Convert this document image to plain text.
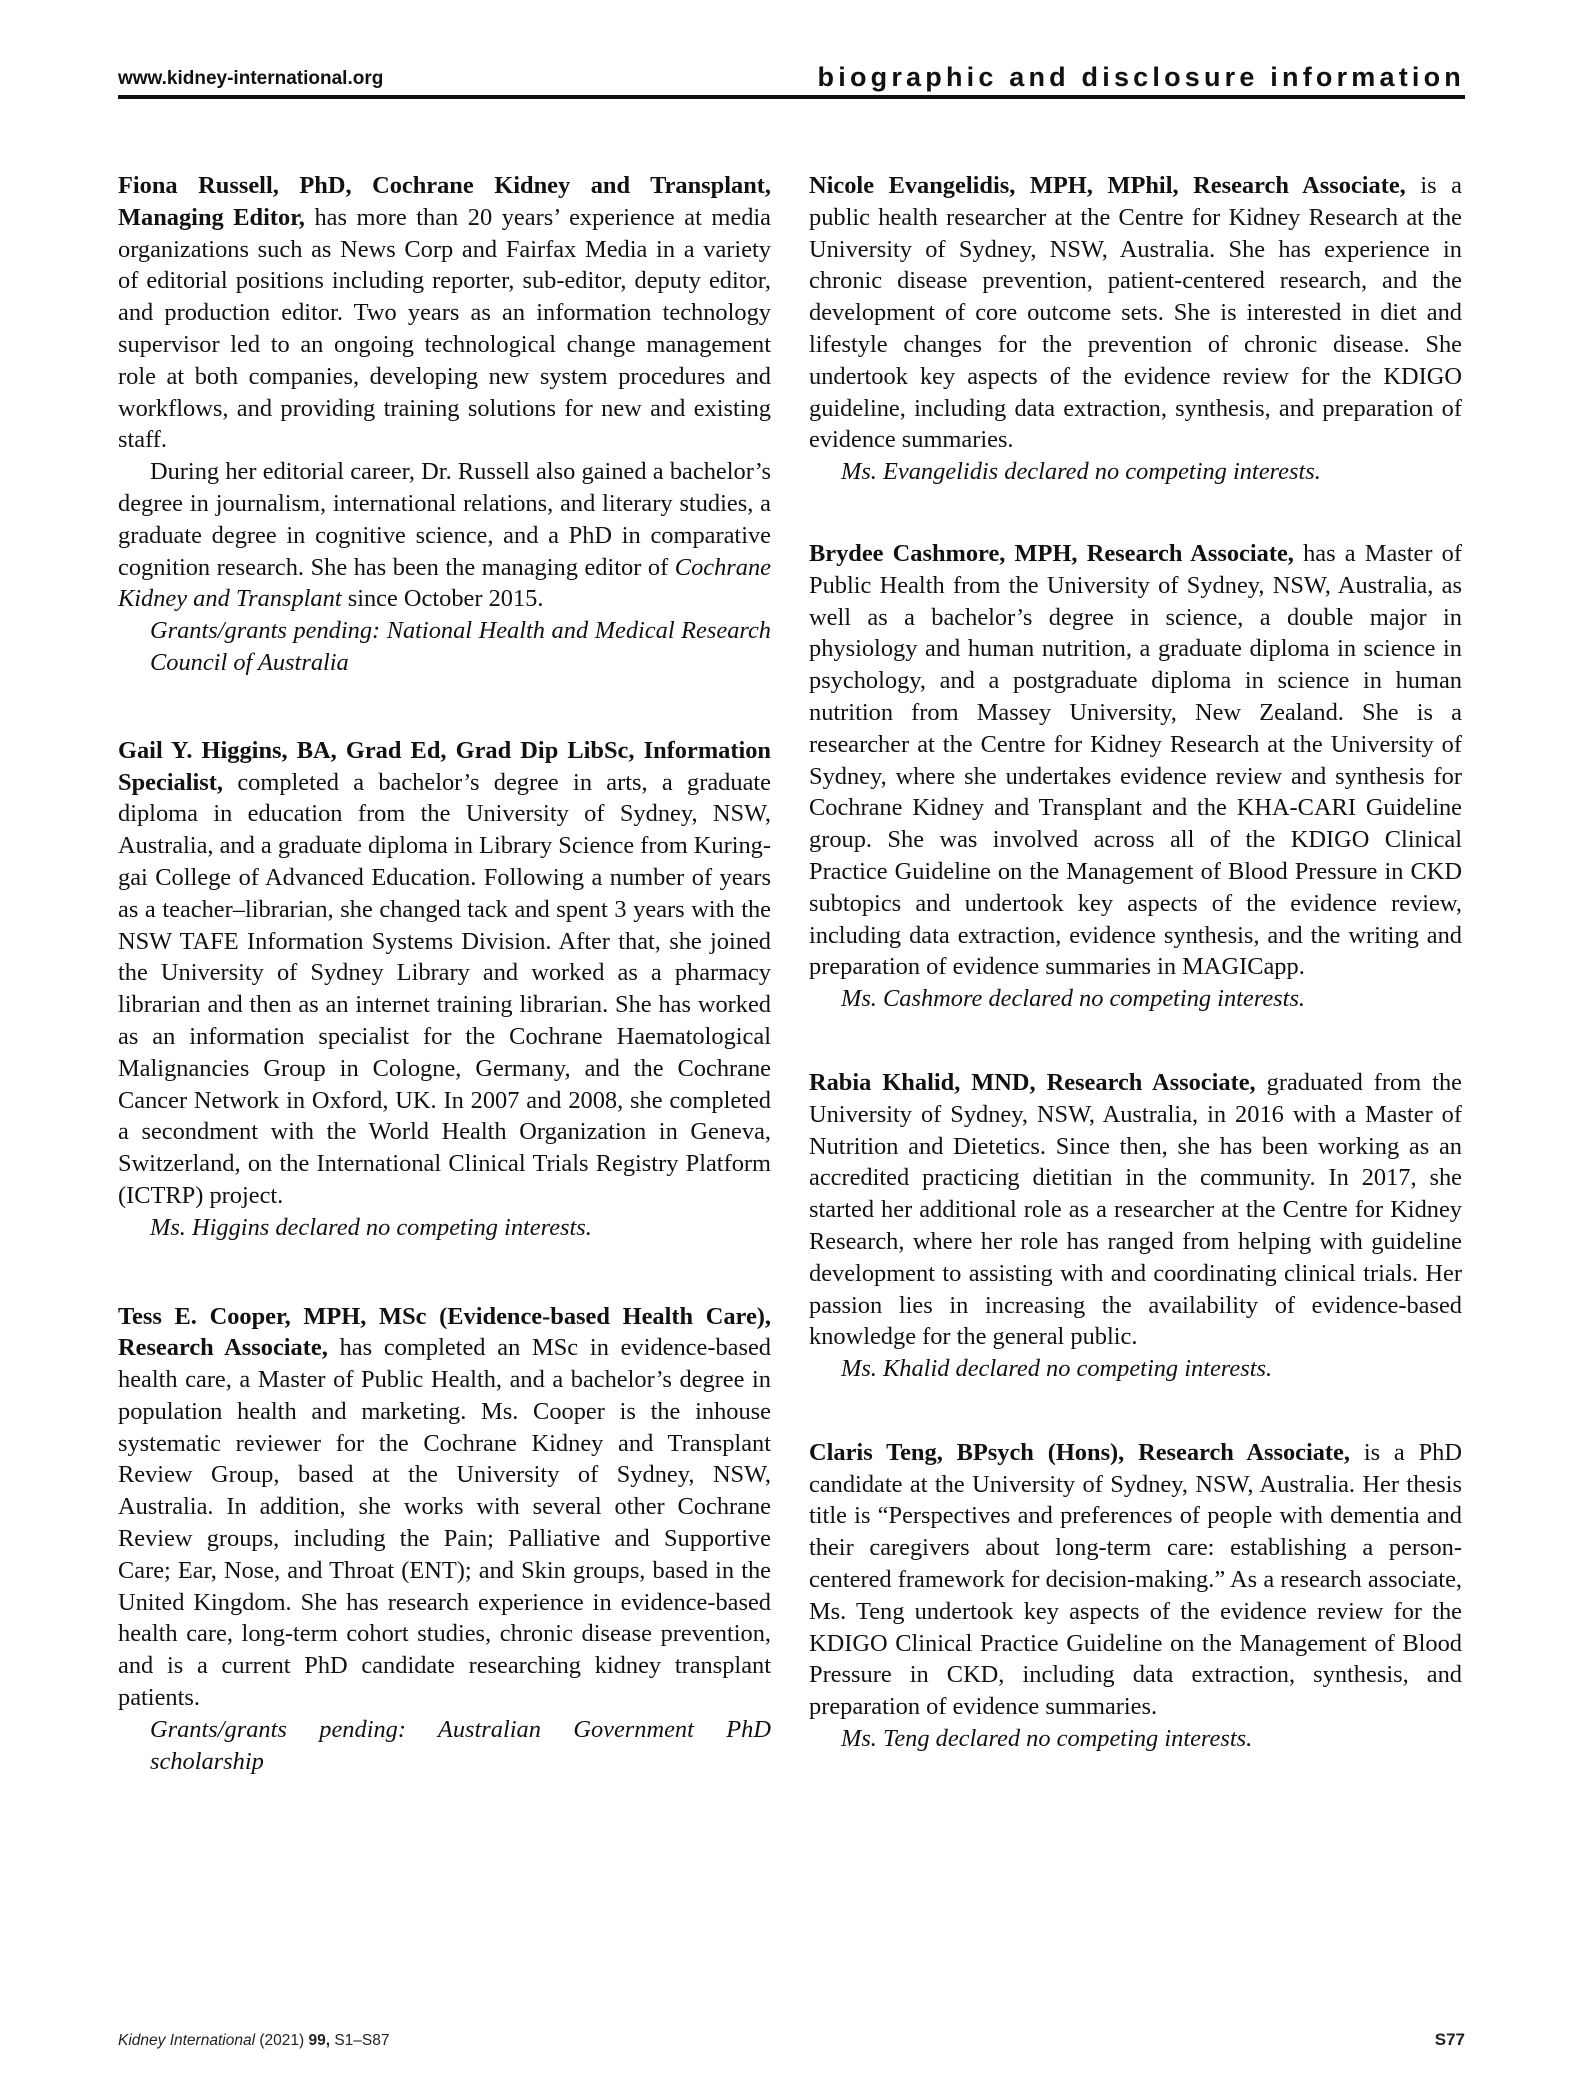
www.kidney-international.org	biographic and disclosure information

Fiona Russell, PhD, Cochrane Kidney and Transplant, Managing Editor, has more than 20 years’ experience at media organizations such as News Corp and Fairfax Media in a variety of editorial positions including reporter, sub-editor, deputy editor, and production editor. Two years as an information technology supervisor led to an ongoing technological change management role at both companies, developing new system procedures and workflows, and providing training solutions for new and existing staff.

During her editorial career, Dr. Russell also gained a bachelor’s degree in journalism, international relations, and literary studies, a graduate degree in cognitive science, and a PhD in comparative cognition research. She has been the managing editor of Cochrane Kidney and Transplant since October 2015.

Grants/grants pending: National Health and Medical Research Council of Australia

Gail Y. Higgins, BA, Grad Ed, Grad Dip LibSc, Information Specialist, completed a bachelor’s degree in arts, a graduate diploma in education from the University of Sydney, NSW, Australia, and a graduate diploma in Library Science from Kuring-gai College of Advanced Education. Following a number of years as a teacher–librarian, she changed tack and spent 3 years with the NSW TAFE Information Systems Division. After that, she joined the University of Sydney Library and worked as a pharmacy librarian and then as an internet training librarian. She has worked as an information specialist for the Cochrane Haematological Malignancies Group in Cologne, Germany, and the Cochrane Cancer Network in Oxford, UK. In 2007 and 2008, she completed a secondment with the World Health Organization in Geneva, Switzerland, on the International Clinical Trials Registry Platform (ICTRP) project.

Ms. Higgins declared no competing interests.

Tess E. Cooper, MPH, MSc (Evidence-based Health Care), Research Associate, has completed an MSc in evidence-based health care, a Master of Public Health, and a bachelor’s degree in population health and marketing. Ms. Cooper is the inhouse systematic reviewer for the Cochrane Kidney and Transplant Review Group, based at the University of Sydney, NSW, Australia. In addition, she works with several other Cochrane Review groups, including the Pain; Palliative and Supportive Care; Ear, Nose, and Throat (ENT); and Skin groups, based in the United Kingdom. She has research experience in evidence-based health care, long-term cohort studies, chronic disease prevention, and is a current PhD candidate researching kidney transplant patients.

Grants/grants pending: Australian Government PhD scholarship

Nicole Evangelidis, MPH, MPhil, Research Associate, is a public health researcher at the Centre for Kidney Research at the University of Sydney, NSW, Australia. She has experience in chronic disease prevention, patient-centered research, and the development of core outcome sets. She is interested in diet and lifestyle changes for the prevention of chronic disease. She undertook key aspects of the evidence review for the KDIGO guideline, including data extraction, synthesis, and preparation of evidence summaries.

Ms. Evangelidis declared no competing interests.

Brydee Cashmore, MPH, Research Associate, has a Master of Public Health from the University of Sydney, NSW, Australia, as well as a bachelor’s degree in science, a double major in physiology and human nutrition, a graduate diploma in science in psychology, and a postgraduate diploma in science in human nutrition from Massey University, New Zealand. She is a researcher at the Centre for Kidney Research at the University of Sydney, where she undertakes evidence review and synthesis for Cochrane Kidney and Transplant and the KHA-CARI Guideline group. She was involved across all of the KDIGO Clinical Practice Guideline on the Management of Blood Pressure in CKD subtopics and undertook key aspects of the evidence review, including data extraction, evidence synthesis, and the writing and preparation of evidence summaries in MAGICapp.

Ms. Cashmore declared no competing interests.

Rabia Khalid, MND, Research Associate, graduated from the University of Sydney, NSW, Australia, in 2016 with a Master of Nutrition and Dietetics. Since then, she has been working as an accredited practicing dietitian in the community. In 2017, she started her additional role as a researcher at the Centre for Kidney Research, where her role has ranged from helping with guideline development to assisting with and coordinating clinical trials. Her passion lies in increasing the availability of evidence-based knowledge for the general public.

Ms. Khalid declared no competing interests.

Claris Teng, BPsych (Hons), Research Associate, is a PhD candidate at the University of Sydney, NSW, Australia. Her thesis title is “Perspectives and preferences of people with dementia and their caregivers about long-term care: establishing a person-centered framework for decision-making.” As a research associate, Ms. Teng undertook key aspects of the evidence review for the KDIGO Clinical Practice Guideline on the Management of Blood Pressure in CKD, including data extraction, synthesis, and preparation of evidence summaries.

Ms. Teng declared no competing interests.

Kidney International (2021) 99, S1–S87	S77
